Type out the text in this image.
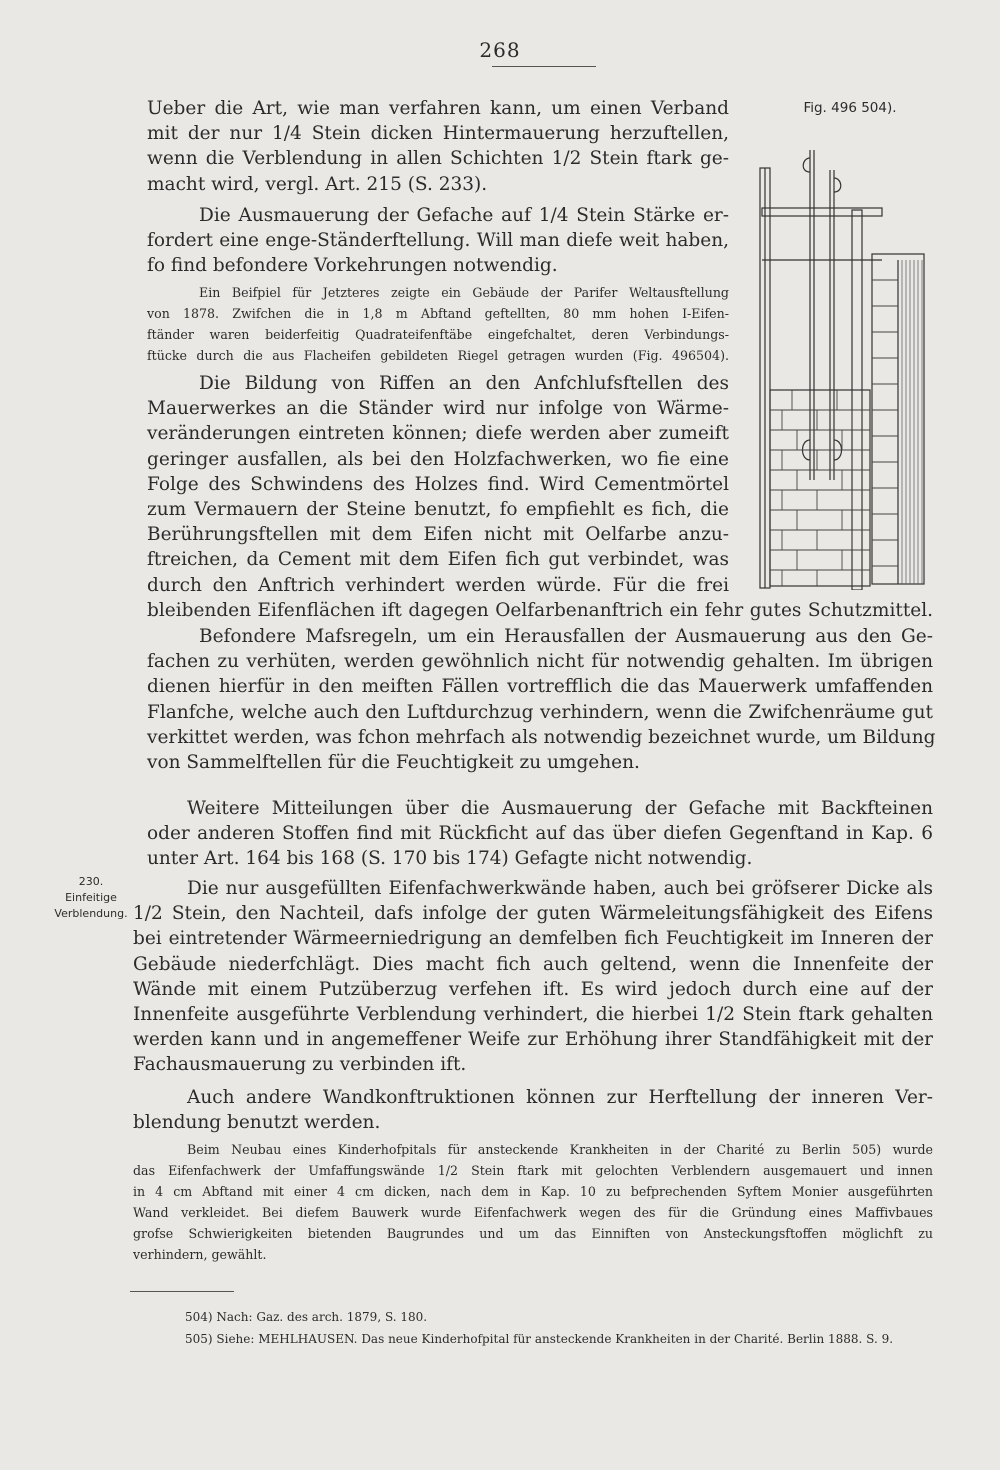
268
Fig. 496 504).
230.
Einfeitige
Verblendung.
Ueber die Art, wie man verfahren kann, um einen Verband
mit der nur 1/4 Stein dicken Hintermauerung herzuftellen,
wenn die Verblendung in allen Schichten 1/2 Stein ftark ge-
macht wird, vergl. Art. 215 (S. 233).
Die Ausmauerung der Gefache auf 1/4 Stein Stärke er-
fordert eine enge-Ständerftellung. Will man diefe weit haben,
fo find befondere Vorkehrungen notwendig.
Ein Beifpiel für Jetzteres zeigte ein Gebäude der Parifer Weltausftellung
von 1878. Zwifchen die in 1,8 m Abftand geftellten, 80 mm hohen I-Eifen-
ftänder waren beiderfeitig Quadrateifenftäbe eingefchaltet, deren Verbindungs-
ftücke durch die aus Flacheifen gebildeten Riegel getragen wurden (Fig. 496504).
Die Bildung von Riffen an den Anfchlufsftellen des
Mauerwerkes an die Ständer wird nur infolge von Wärme-
veränderungen eintreten können; diefe werden aber zumeift
geringer ausfallen, als bei den Holzfachwerken, wo fie eine
Folge des Schwindens des Holzes find. Wird Cementmörtel
zum Vermauern der Steine benutzt, fo empfiehlt es fich, die
Berührungsftellen mit dem Eifen nicht mit Oelfarbe anzu-
ftreichen, da Cement mit dem Eifen fich gut verbindet, was
durch den Anftrich verhindert werden würde. Für die frei
bleibenden Eifenflächen ift dagegen Oelfarbenanftrich ein fehr gutes Schutzmittel.
Befondere Mafsregeln, um ein Herausfallen der Ausmauerung aus den Ge-
fachen zu verhüten, werden gewöhnlich nicht für notwendig gehalten. Im übrigen
dienen hierfür in den meiften Fällen vortrefflich die das Mauerwerk umfaffenden
Flanfche, welche auch den Luftdurchzug verhindern, wenn die Zwifchenräume gut
verkittet werden, was fchon mehrfach als notwendig bezeichnet wurde, um Bildung
von Sammelftellen für die Feuchtigkeit zu umgehen.
Weitere Mitteilungen über die Ausmauerung der Gefache mit Backfteinen
oder anderen Stoffen find mit Rückficht auf das über diefen Gegenftand in Kap. 6
unter Art. 164 bis 168 (S. 170 bis 174) Gefagte nicht notwendig.
Die nur ausgefüllten Eifenfachwerkwände haben, auch bei gröfserer Dicke als
1/2 Stein, den Nachteil, dafs infolge der guten Wärmeleitungsfähigkeit des Eifens
bei eintretender Wärmeerniedrigung an demfelben fich Feuchtigkeit im Inneren der
Gebäude niederfchlägt. Dies macht fich auch geltend, wenn die Innenfeite der
Wände mit einem Putzüberzug verfehen ift. Es wird jedoch durch eine auf der
Innenfeite ausgeführte Verblendung verhindert, die hierbei 1/2 Stein ftark gehalten
werden kann und in angemeffener Weife zur Erhöhung ihrer Standfähigkeit mit der
Fachausmauerung zu verbinden ift.
Auch andere Wandkonftruktionen können zur Herftellung der inneren Ver-
blendung benutzt werden.
Beim Neubau eines Kinderhofpitals für ansteckende Krankheiten in der Charité zu Berlin 505) wurde
das Eifenfachwerk der Umfaffungswände 1/2 Stein ftark mit gelochten Verblendern ausgemauert und innen
in 4 cm Abftand mit einer 4 cm dicken, nach dem in Kap. 10 zu befprechenden Syftem Monier ausgeführten
Wand verkleidet. Bei diefem Bauwerk wurde Eifenfachwerk wegen des für die Gründung eines Maffivbaues
grofse Schwierigkeiten bietenden Baugrundes und um das Einniften von Ansteckungsftoffen möglichft zu
verhindern, gewählt.
504) Nach: Gaz. des arch. 1879, S. 180.
505) Siehe: MEHLHAUSEN. Das neue Kinderhofpital für ansteckende Krankheiten in der Charité. Berlin 1888. S. 9.
